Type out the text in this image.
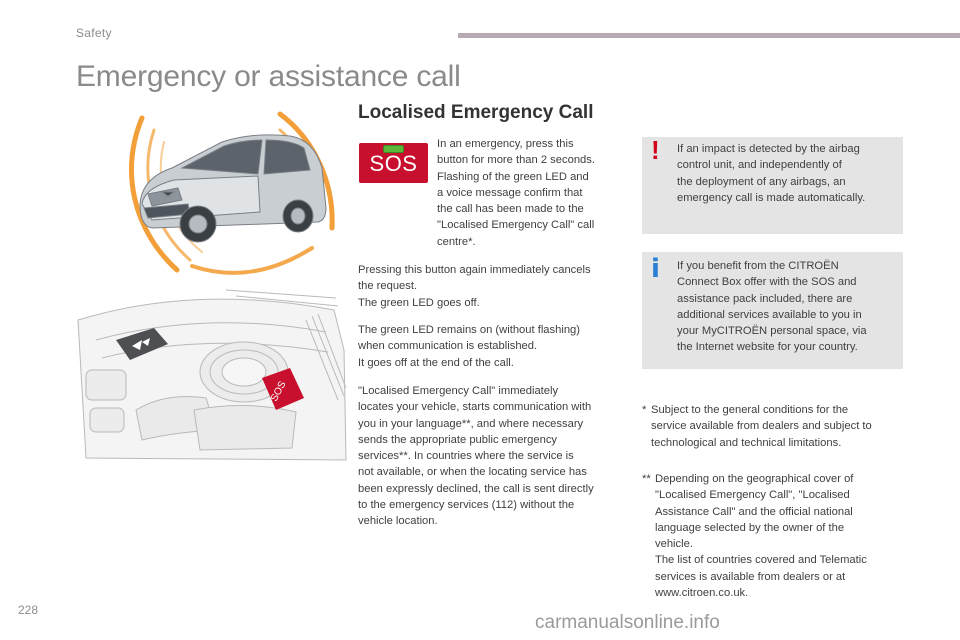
Safety
Emergency or assistance call
Localised Emergency Call
SOS
SOS
In an emergency, press this
button for more than 2 seconds.
Flashing of the green LED and
a voice message confirm that
the call has been made to the
"Localised Emergency Call" call
centre*.
Pressing this button again immediately cancels
the request.
The green LED goes off.
The green LED remains on (without flashing)
when communication is established.
It goes off at the end of the call.
"Localised Emergency Call" immediately
locates your vehicle, starts communication with
you in your language**, and where necessary
sends the appropriate public emergency
services**. In countries where the service is
not available, or when the locating service has
been expressly declined, the call is sent directly
to the emergency services (112) without the
vehicle location.
! If an impact is detected by the airbag
control unit, and independently of
the deployment of any airbags, an
emergency call is made automatically.
i If you benefit from the CITROËN
Connect Box offer with the SOS and
assistance pack included, there are
additional services available to you in
your MyCITROËN personal space, via
the Internet website for your country.
* Subject to the general conditions for the
service available from dealers and subject to
technological and technical limitations.
** Depending on the geographical cover of
"Localised Emergency Call", "Localised
Assistance Call" and the official national
language selected by the owner of the
vehicle.
The list of countries covered and Telematic
services is available from dealers or at
www.citroen.co.uk.
228
carmanualsonline.info
